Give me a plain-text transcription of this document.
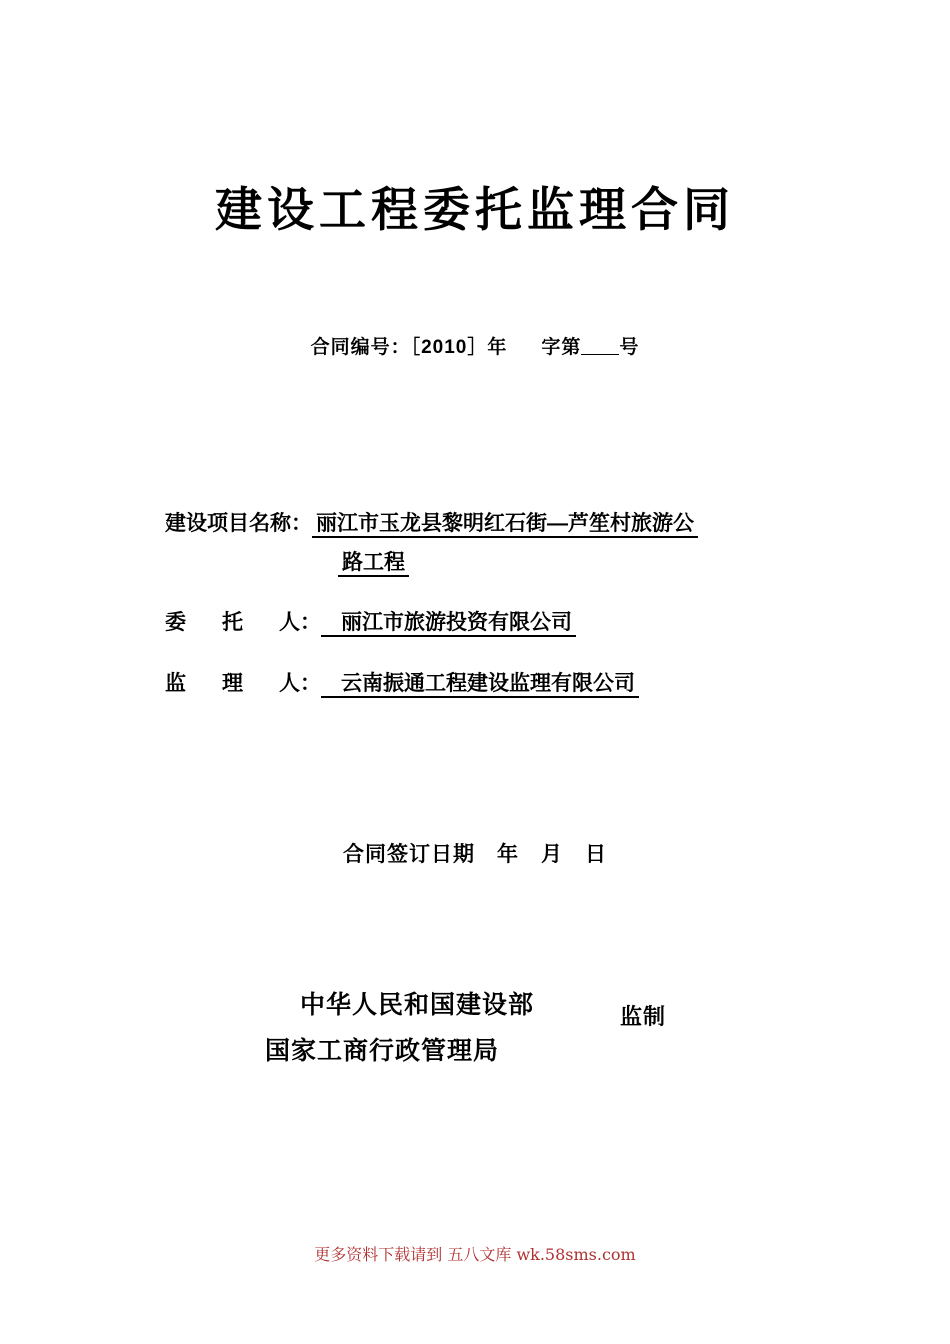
建设工程委托监理合同
合同编号：［2010］年 字第 号
建设项目名称： 丽江市玉龙县黎明红石街—芦笙村旅游公
路工程
委 托 人： 丽江市旅游投资有限公司
监 理 人： 云南振通工程建设监理有限公司
合同签订日期 年 月 日
中华人民和国建设部
国家工商行政管理局
监制
更多资料下载请到 五八文库 wk.58sms.com
